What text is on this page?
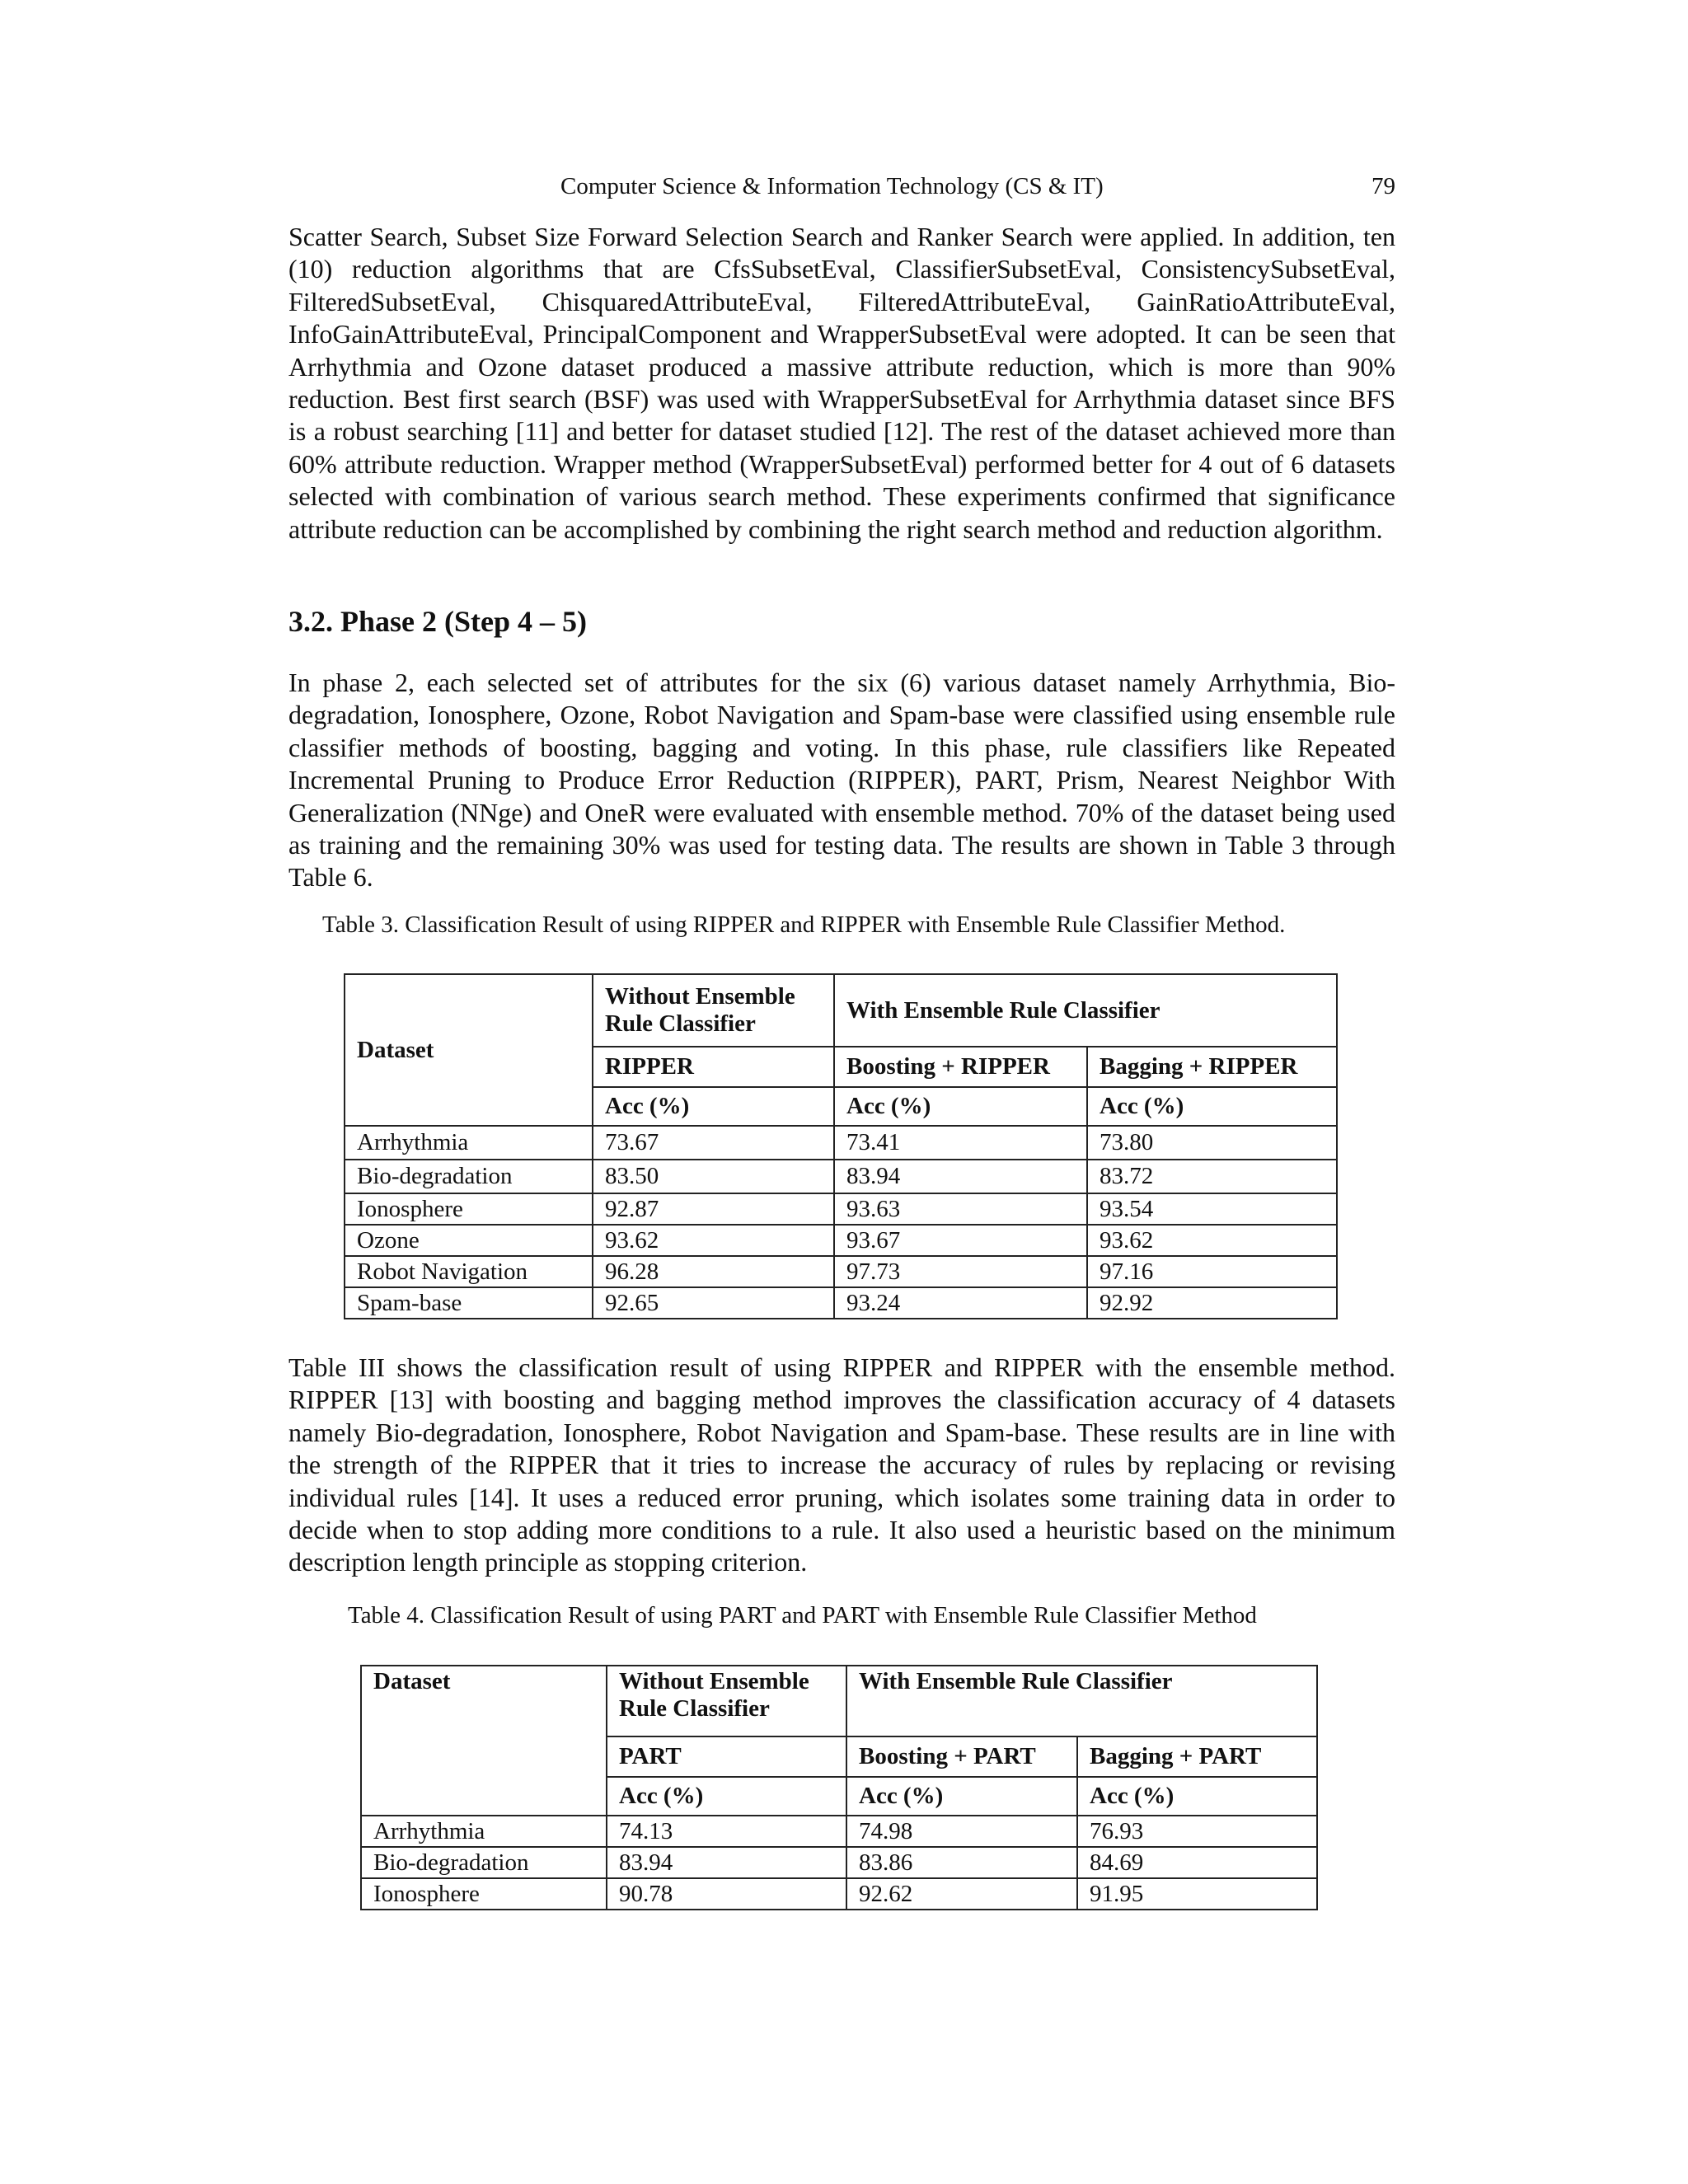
Computer Science & Information Technology (CS & IT)	79

Scatter Search, Subset Size Forward Selection Search and Ranker Search were applied. In addition, ten (10) reduction algorithms that are CfsSubsetEval, ClassifierSubsetEval, ConsistencySubsetEval, FilteredSubsetEval, ChisquaredAttributeEval, FilteredAttributeEval, GainRatioAttributeEval, InfoGainAttributeEval, PrincipalComponent and WrapperSubsetEval were adopted. It can be seen that Arrhythmia and Ozone dataset produced a massive attribute reduction, which is more than 90% reduction. Best first search (BSF) was used with WrapperSubsetEval for Arrhythmia dataset since BFS is a robust searching [11] and better for dataset studied [12]. The rest of the dataset achieved more than 60% attribute reduction. Wrapper method (WrapperSubsetEval) performed better for 4 out of 6 datasets selected with combination of various search method. These experiments confirmed that significance attribute reduction can be accomplished by combining the right search method and reduction algorithm.

3.2. Phase 2 (Step 4 – 5)

In phase 2, each selected set of attributes for the six (6) various dataset namely Arrhythmia, Bio-degradation, Ionosphere, Ozone, Robot Navigation and Spam-base were classified using ensemble rule classifier methods of boosting, bagging and voting. In this phase, rule classifiers like Repeated Incremental Pruning to Produce Error Reduction (RIPPER), PART, Prism, Nearest Neighbor With Generalization (NNge) and OneR were evaluated with ensemble method. 70% of the dataset being used as training and the remaining 30% was used for testing data. The results are shown in Table 3 through Table 6.

Table 3. Classification Result of using RIPPER and RIPPER with Ensemble Rule Classifier Method.

Dataset	Without Ensemble Rule Classifier	With Ensemble Rule Classifier	
	RIPPER	Boosting + RIPPER	Bagging + RIPPER
	Acc (%)	Acc (%)	Acc (%)
Arrhythmia	73.67	73.41	73.80
Bio-degradation	83.50	83.94	83.72
Ionosphere	92.87	93.63	93.54
Ozone	93.62	93.67	93.62
Robot Navigation	96.28	97.73	97.16
Spam-base	92.65	93.24	92.92

Table III shows the classification result of using RIPPER and RIPPER with the ensemble method. RIPPER [13] with boosting and bagging method improves the classification accuracy of 4 datasets namely Bio-degradation, Ionosphere, Robot Navigation and Spam-base. These results are in line with the strength of the RIPPER that it tries to increase the accuracy of rules by replacing or revising individual rules [14]. It uses a reduced error pruning, which isolates some training data in order to decide when to stop adding more conditions to a rule. It also used a heuristic based on the minimum description length principle as stopping criterion.

Table 4. Classification Result of using PART and PART with Ensemble Rule Classifier Method

Dataset	Without Ensemble Rule Classifier	With Ensemble Rule Classifier	
	PART	Boosting + PART	Bagging + PART
	Acc (%)	Acc (%)	Acc (%)
Arrhythmia	74.13	74.98	76.93
Bio-degradation	83.94	83.86	84.69
Ionosphere	90.78	92.62	91.95
